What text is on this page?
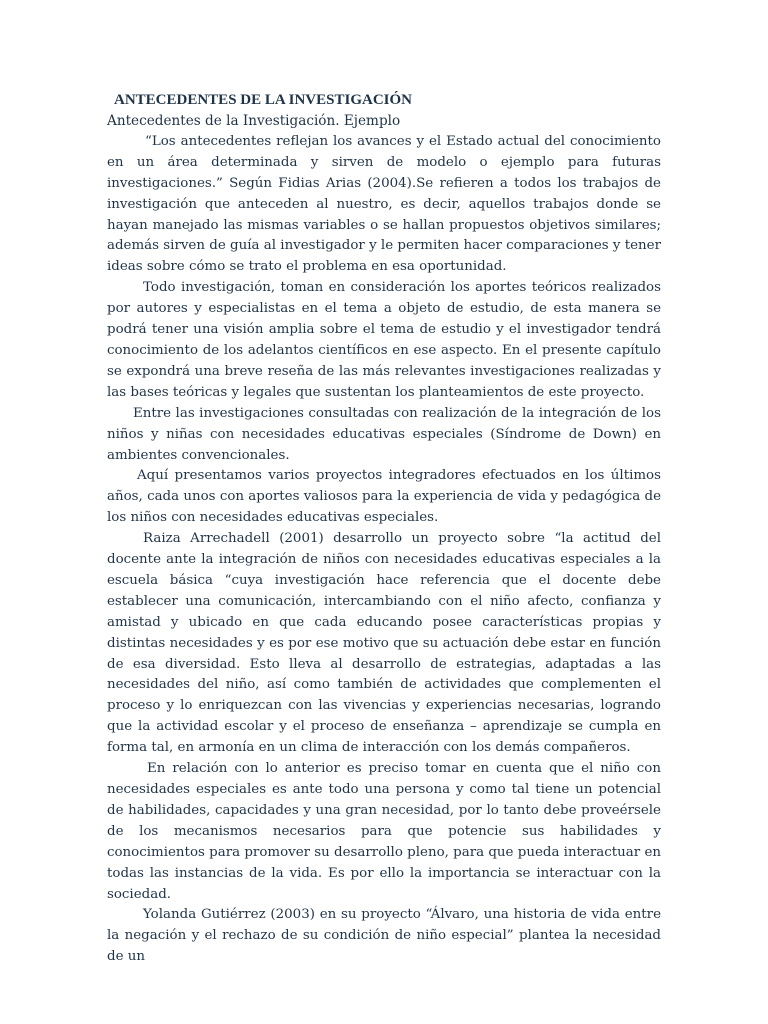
ANTECEDENTES DE LA INVESTIGACIÓN
Antecedentes de la Investigación. Ejemplo

“Los antecedentes reflejan los avances y el Estado actual del conocimiento en un área determinada y sirven de modelo o ejemplo para futuras investigaciones.” Según Fidias Arias (2004).Se refieren a todos los trabajos de investigación que anteceden al nuestro, es decir, aquellos trabajos donde se hayan manejado las mismas variables o se hallan propuestos objetivos similares; además sirven de guía al investigador y le permiten hacer comparaciones y tener ideas sobre cómo se trato el problema en esa oportunidad.

Todo investigación, toman en consideración los aportes teóricos realizados por autores y especialistas en el tema a objeto de estudio, de esta manera se podrá tener una visión amplia sobre el tema de estudio y el investigador tendrá conocimiento de los adelantos científicos en ese aspecto. En el presente capítulo se expondrá una breve reseña de las más relevantes investigaciones realizadas y las bases teóricas y legales que sustentan los planteamientos de este proyecto.

Entre las investigaciones consultadas con realización de la integración de los niños y niñas con necesidades educativas especiales (Síndrome de Down) en ambientes convencionales.

Aquí presentamos varios proyectos integradores efectuados en los últimos años, cada unos con aportes valiosos para la experiencia de vida y pedagógica de los niños con necesidades educativas especiales.

Raiza Arrechadell (2001) desarrollo un proyecto sobre “la actitud del docente ante la integración de niños con necesidades educativas especiales a la escuela básica “cuya investigación hace referencia que el docente debe establecer una comunicación, intercambiando con el niño afecto, confianza y amistad y ubicado en que cada educando posee características propias y distintas necesidades y es por ese motivo que su actuación debe estar en función de esa diversidad. Esto lleva al desarrollo de estrategias, adaptadas a las necesidades del niño, así como también de actividades que complementen el proceso y lo enriquezcan con las vivencias y experiencias necesarias, logrando que la actividad escolar y el proceso de enseñanza – aprendizaje se cumpla en forma tal, en armonía en un clima de interacción con los demás compañeros.

En relación con lo anterior es preciso tomar en cuenta que el niño con necesidades especiales es ante todo una persona y como tal tiene un potencial de habilidades, capacidades y una gran necesidad, por lo tanto debe proveérsele de los mecanismos necesarios para que potencie sus habilidades y conocimientos para promover su desarrollo pleno, para que pueda interactuar en todas las instancias de la vida. Es por ello la importancia se interactuar con la sociedad.

Yolanda Gutiérrez (2003) en su proyecto “Álvaro, una historia de vida entre la negación y el rechazo de su condición de niño especial” plantea la necesidad de un
